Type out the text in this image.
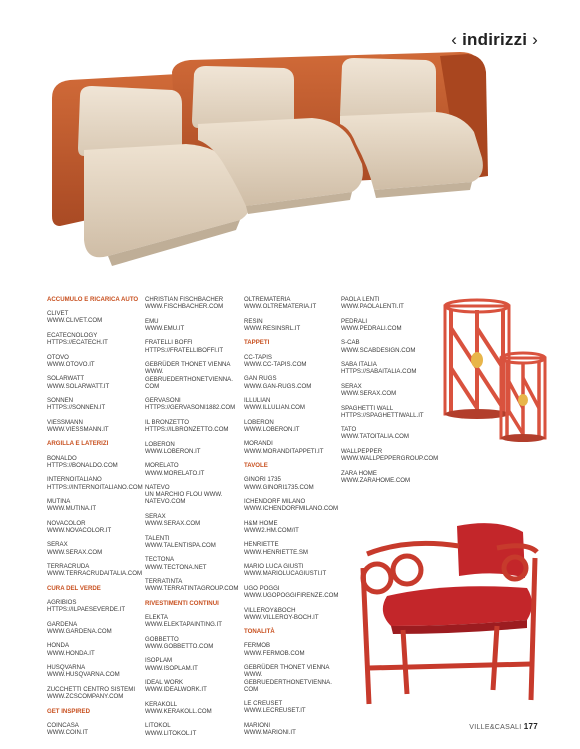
‹ indirizzi ›
ACCUMULO E RICARICA AUTO
CLIVET
WWW.CLIVET.COM
ECATECNOLOGY
HTTPS://ECATECH.IT
OTOVO
WWW.OTOVO.IT
SOLARWATT
WWW.SOLARWATT.IT
SONNEN
HTTPS://SONNEN.IT
VIESSMANN
WWW.VIESSMANN.IT
ARGILLA E LATERIZI
BONALDO
HTTPS://BONALDO.COM
INTERNOITALIANO
HTTPS://INTERNOITALIANO.COM
MUTINA
WWW.MUTINA.IT
NOVACOLOR
WWW.NOVACOLOR.IT
SERAX
WWW.SERAX.COM
TERRACRUDA
WWW.TERRACRUDAITALIA.COM
CURA DEL VERDE
AGRIBIOS
HTTPS://ILPAESEVERDE.IT
GARDENA
WWW.GARDENA.COM
HONDA
WWW.HONDA.IT
HUSQVARNA
WWW.HUSQVARNA.COM
ZUCCHETTI CENTRO SISTEMI
WWW.ZCSCOMPANY.COM
GET INSPIRED
COINCASA
WWW.COIN.IT
CHRISTIAN FISCHBACHER
WWW.FISCHBACHER.COM
EMU
WWW.EMU.IT
FRATELLI BOFFI
HTTPS://FRATELLIBOFFI.IT
GEBRÜDER THONET VIENNA
WWW.
GEBRUEDERTHONETVIENNA.
COM
GERVASONI
HTTPS://GERVASONI1882.COM
IL BRONZETTO
HTTPS://ILBRONZETTO.COM
LOBERON
WWW.LOBERON.IT
MORELATO
WWW.MORELATO.IT
NATEVO
UN MARCHIO FLOU WWW.
NATEVO.COM
SERAX
WWW.SERAX.COM
TALENTI
WWW.TALENTISPA.COM
TECTONA
WWW.TECTONA.NET
TERRATINTA
WWW.TERRATINTAGROUP.COM
RIVESTIMENTI CONTINUI
ELEKTA
WWW.ELEKTAPAINTING.IT
GOBBETTO
WWW.GOBBETTO.COM
ISOPLAM
WWW.ISOPLAM.IT
IDEAL WORK
WWW.IDEALWORK.IT
KERAKOLL
WWW.KERAKOLL.COM
LITOKOL
WWW.LITOKOL.IT
OLTREMATERIA
WWW.OLTREMATERIA.IT
RESIN
WWW.RESINSRL.IT
TAPPETI
CC-TAPIS
WWW.CC-TAPIS.COM
GAN RUGS
WWW.GAN-RUGS.COM
ILLULIAN
WWW.ILLULIAN.COM
LOBERON
WWW.LOBERON.IT
MORANDI
WWW.MORANDITAPPETI.IT
TAVOLE
GINORI 1735
WWW.GINORI1735.COM
ICHENDORF MILANO
WWW.ICHENDORFMILANO.COM
H&M HOME
WWW2.HM.COM/IT
HENRIETTE
WWW.HENRIETTE.SM
MARIO LUCA GIUSTI
WWW.MARIOLUCAGIUSTI.IT
UGO POGGI
WWW.UGOPOGGIFIRENZE.COM
VILLEROY&BOCH
WWW.VILLEROY-BOCH.IT
TONALITÀ
FERMOB
WWW.FERMOB.COM
GEBRÜDER THONET VIENNA
WWW.
GEBRUEDERTHONETVIENNA.
COM
LE CREUSET
WWW.LECREUSET.IT
MARIONI
WWW.MARIONI.IT
PAOLA LENTI
WWW.PAOLALENTI.IT
PEDRALI
WWW.PEDRALI.COM
S-CAB
WWW.SCABDESIGN.COM
SABA ITALIA
HTTPS://SABAITALIA.COM
SERAX
WWW.SERAX.COM
SPAGHETTI WALL
HTTPS://SPAGHETTIWALL.IT
TATO
WWW.TATOITALIA.COM
WALLPEPPER
WWW.WALLPEPPERGROUP.COM
ZARA HOME
WWW.ZARAHOME.COM
VILLE&CASALI 177
